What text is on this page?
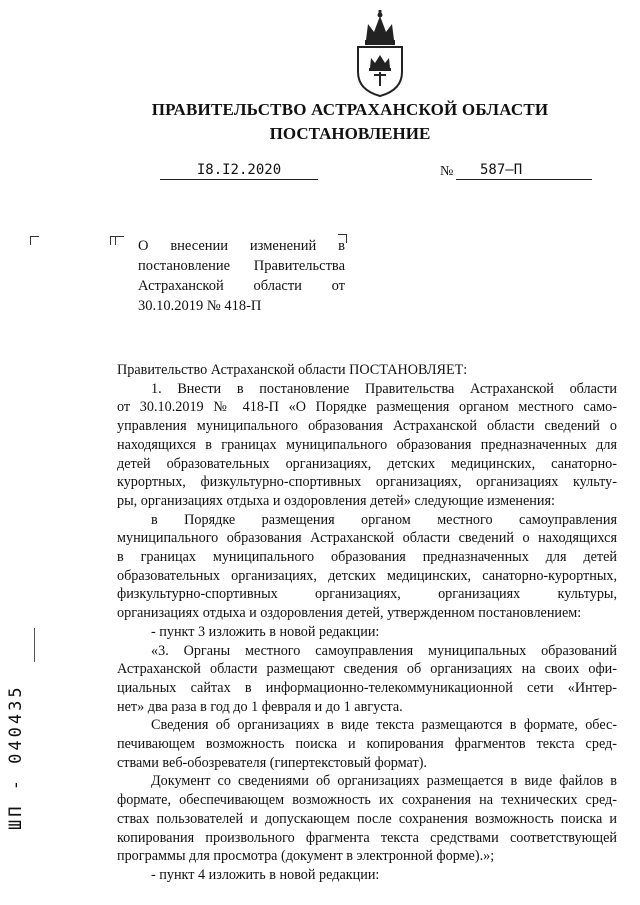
ПРАВИТЕЛЬСТВО АСТРАХАНСКОЙ ОБЛАСТИ
ПОСТАНОВЛЕНИЕ
I8.I2.2020	№	587–П
О внесении изменений в
постановление Правительства
Астраханской области от
30.10.2019 № 418-П
Правительство Астраханской области ПОСТАНОВЛЯЕТ:
1. Внести в постановление Правительства Астраханской области
от 30.10.2019 № 418-П «О Порядке размещения органом местного само-
управления муниципального образования Астраханской области сведений о
находящихся в границах муниципального образования предназначенных для
детей образовательных организациях, детских медицинских, санаторно-
курортных, физкультурно-спортивных организациях, организациях культу-
ры, организациях отдыха и оздоровления детей» следующие изменения:
в Порядке размещения органом местного самоуправления
муниципального образования Астраханской области сведений о находящихся
в границах муниципального образования предназначенных для детей
образовательных организациях, детских медицинских, санаторно-курортных,
физкультурно-спортивных организациях, организациях культуры,
организациях отдыха и оздоровления детей, утвержденном постановлением:
- пункт 3 изложить в новой редакции:
«3. Органы местного самоуправления муниципальных образований
Астраханской области размещают сведения об организациях на своих офи-
циальных сайтах в информационно-телекоммуникационной сети «Интер-
нет» два раза в год до 1 февраля и до 1 августа.
Сведения об организациях в виде текста размещаются в формате, обес-
печивающем возможность поиска и копирования фрагментов текста сред-
ствами веб-обозревателя (гипертекстовый формат).
Документ со сведениями об организациях размещается в виде файлов в
формате, обеспечивающем возможность их сохранения на технических сред-
ствах пользователей и допускающем после сохранения возможность поиска и
копирования произвольного фрагмента текста средствами соответствующей
программы для просмотра (документ в электронной форме).»;
- пункт 4 изложить в новой редакции:
ШП - 040435
